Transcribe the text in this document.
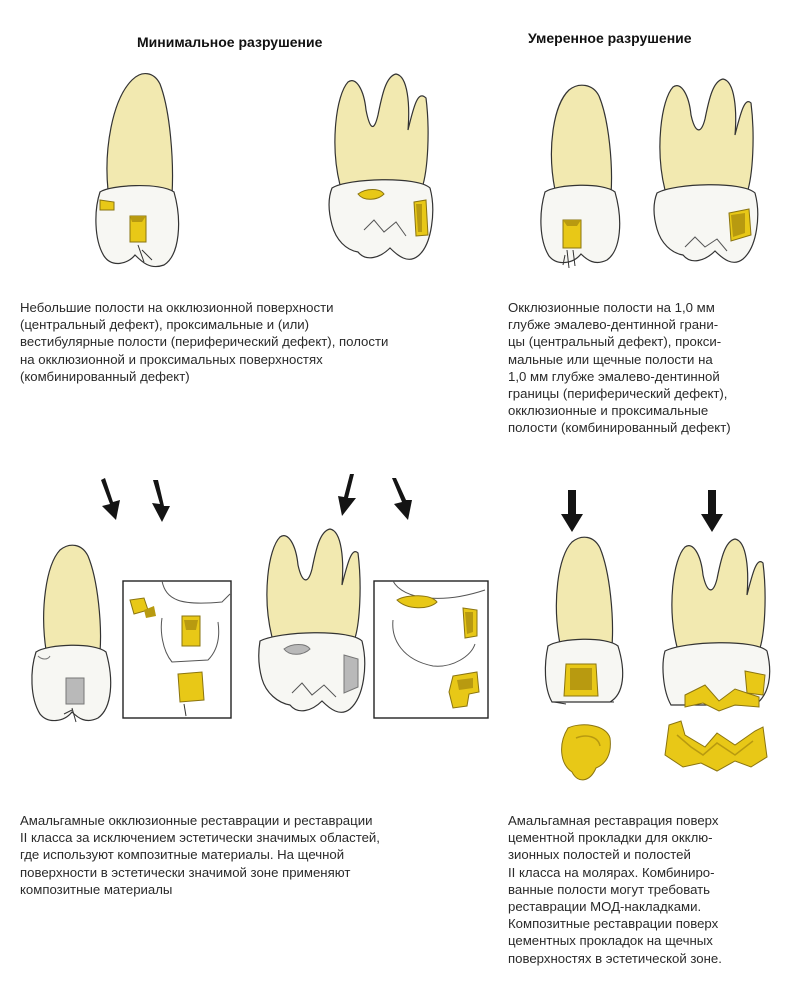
Минимальное разрушение	Умеренное разрушение
Небольшие полости на окклюзионной поверхности
(центральный дефект), проксимальные и (или)
вестибулярные полости (периферический дефект), полости
на окклюзионной и проксимальных поверхностях
(комбинированный дефект)
Окклюзионные полости на 1,0 мм
глубже эмалево-дентинной грани-
цы (центральный дефект), прокси-
мальные или щечные полости на
1,0 мм глубже эмалево-дентинной
границы (периферический дефект),
окклюзионные и проксимальные
полости (комбинированный дефект)
Амальгамные окклюзионные реставрации и реставрации
II класса за исключением эстетически значимых областей,
где используют композитные материалы. На щечной
поверхности в эстетически значимой зоне применяют
композитные материалы
Амальгамная реставрация поверх
цементной прокладки для окклю-
зионных полостей и полостей
II класса на молярах. Комбиниро-
ванные полости могут требовать
реставрации МОД-накладками.
Композитные реставрации поверх
цементных прокладок на щечных
поверхностях в эстетической зоне.
